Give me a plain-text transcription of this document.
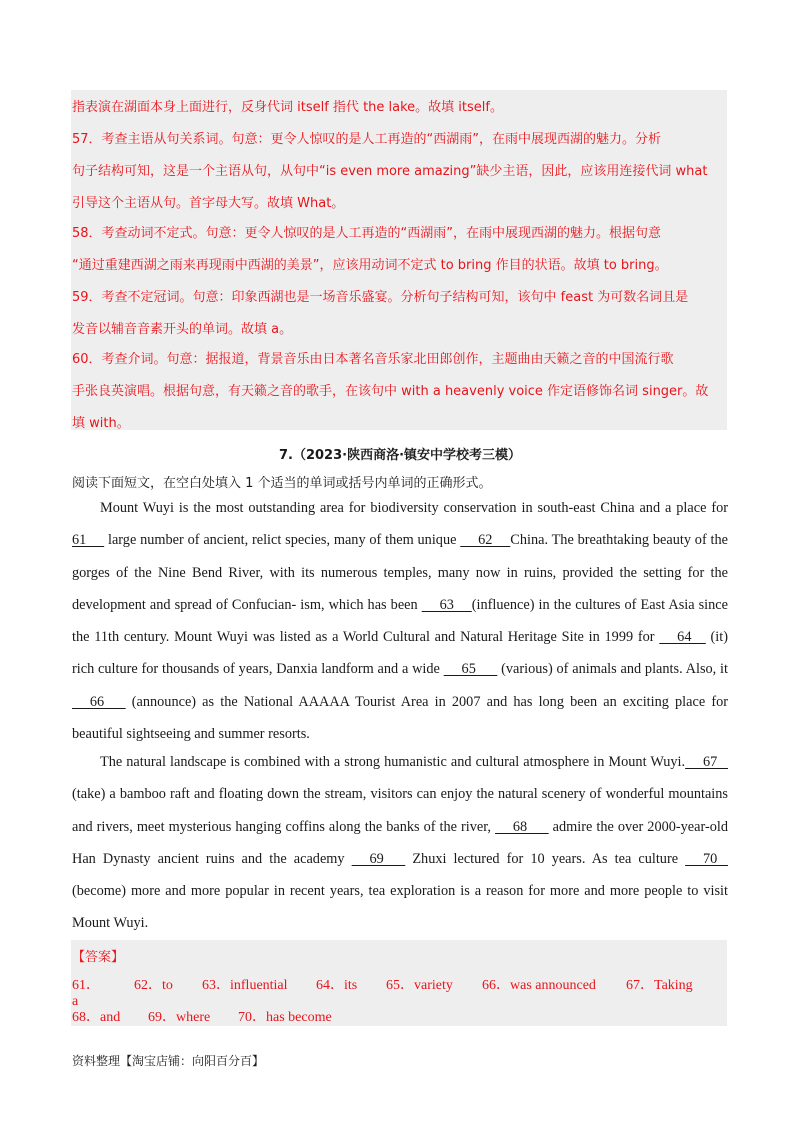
指表演在湖面本身上面进行，反身代词 itself 指代 the lake。故填 itself。
57．考查主语从句关系词。句意：更令人惊叹的是人工再造的“西湖雨”，在雨中展现西湖的魅力。分析
句子结构可知，这是一个主语从句，从句中“is even more amazing”缺少主语，因此，应该用连接代词 what
引导这个主语从句。首字母大写。故填 What。
58．考查动词不定式。句意：更令人惊叹的是人工再造的“西湖雨”，在雨中展现西湖的魅力。根据句意
“通过重建西湖之雨来再现雨中西湖的美景”，应该用动词不定式 to bring 作目的状语。故填 to bring。
59．考查不定冠词。句意：印象西湖也是一场音乐盛宴。分析句子结构可知，该句中 feast 为可数名词且是
发音以辅音音素开头的单词。故填 a。
60．考查介词。句意：据报道，背景音乐由日本著名音乐家北田郎创作，主题曲由天籁之音的中国流行歌
手张良英演唱。根据句意，有天籁之音的歌手，在该句中 with a heavenly voice 作定语修饰名词 singer。故
填 with。
7.（2023·陕西商洛·镇安中学校考三模）
阅读下面短文，在空白处填入 1 个适当的单词或括号内单词的正确形式。
Mount Wuyi is the most outstanding area for biodiversity conservation in south-east China and a place for 61      large number of ancient, relict species, many of them unique      62     China. The breathtaking beauty of the gorges of the Nine Bend River, with its numerous temples, many now in ruins, provided the setting for the development and spread of Confucian- ism, which has been      63     (influence) in the cultures of East Asia since the 11th century. Mount Wuyi was listed as a World Cultural and Natural Heritage Site in 1999 for      64     (it) rich culture for thousands of years, Danxia landform and a wide      65       (various) of animals and plants. Also, it      66       (announce) as the National AAAAA Tourist Area in 2007 and has long been an exciting place for beautiful sightseeing and summer resorts.
The natural landscape is combined with a strong humanistic and cultural atmosphere in Mount Wuyi.     67    (take) a bamboo raft and floating down the stream, visitors can enjoy the natural scenery of wonderful mountains and rivers, meet mysterious hanging coffins along the banks of the river,      68       admire the over 2000-year-old Han Dynasty ancient ruins and the academy      69       Zhuxi lectured for 10 years. As tea culture      70    (become) more and more popular in recent years, tea exploration is a reason for more and more people to visit Mount Wuyi.
【答案】
61．a
62．to 63．influential 64．its 65．variety 66．was announced 67．Taking
68．and 69．where 70．has become
资料整理【淘宝店铺：向阳百分百】
